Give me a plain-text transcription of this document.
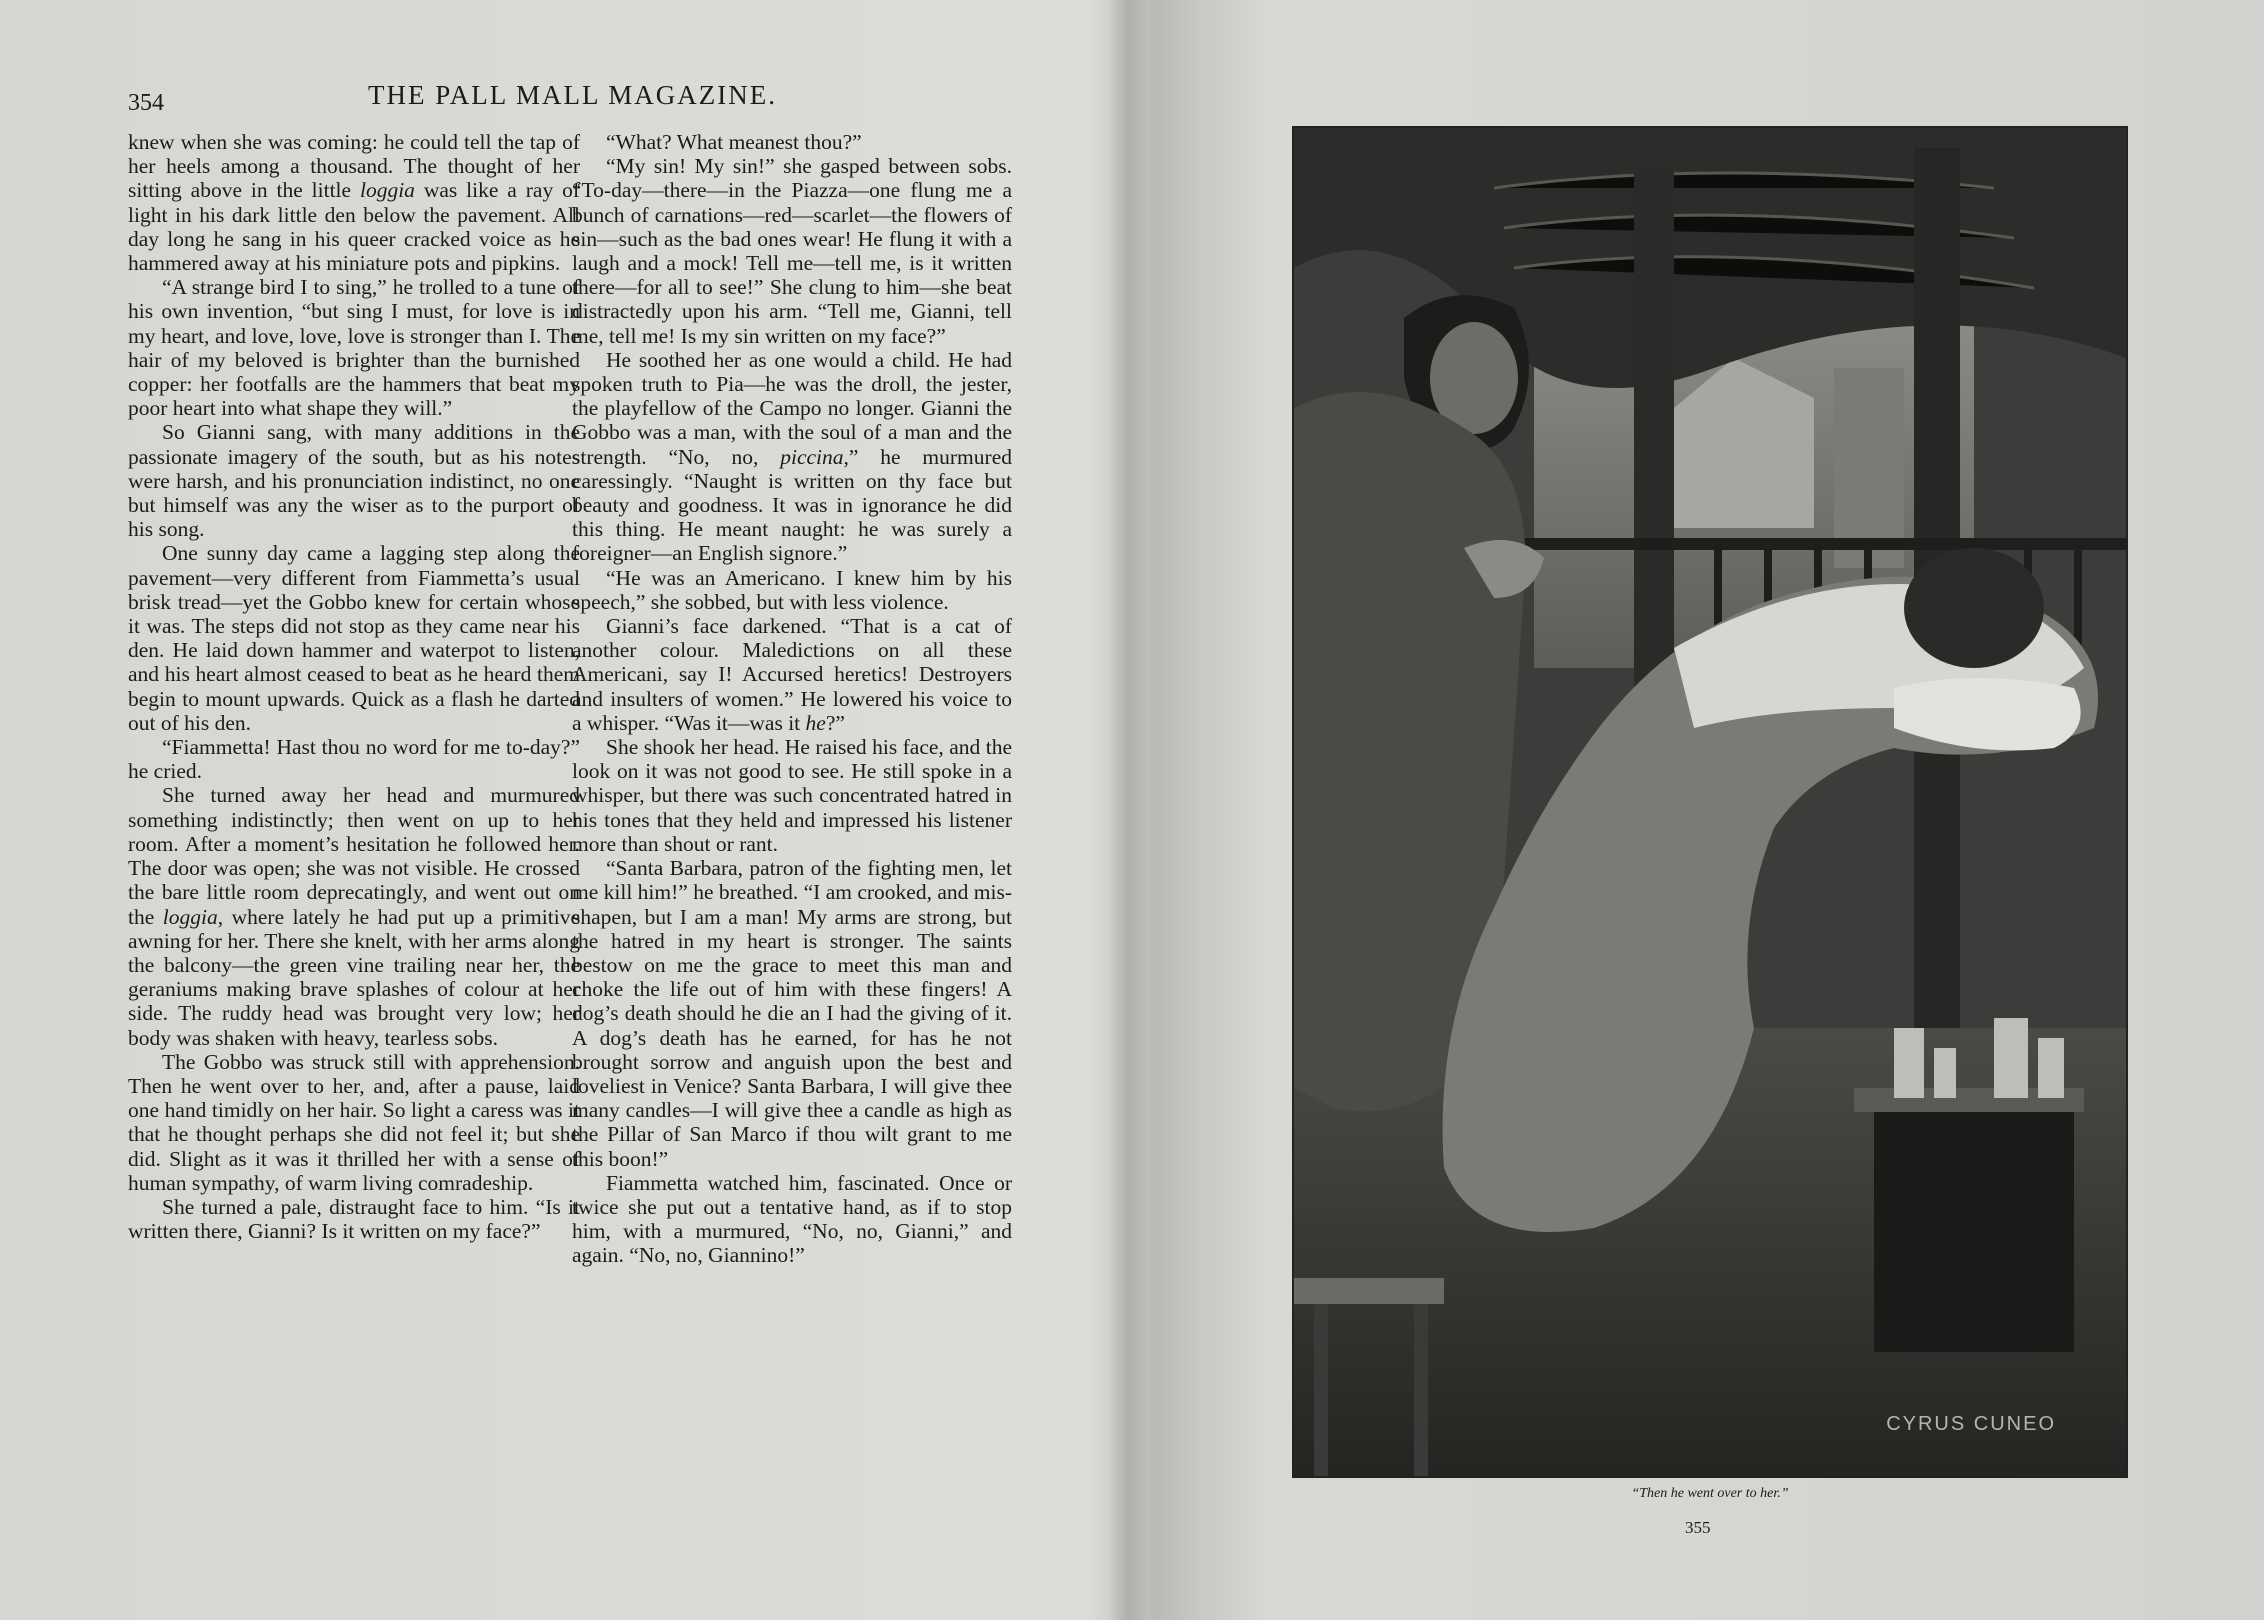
354	THE PALL MALL MAGAZINE.

knew when she was coming: he could tell the tap of her heels among a thousand. The thought of her sitting above in the little loggia was like a ray of light in his dark little den below the pavement. All day long he sang in his queer cracked voice as he hammered away at his miniature pots and pipkins.

“A strange bird I to sing,” he trolled to a tune of his own invention, “but sing I must, for love is in my heart, and love, love, love is stronger than I. The hair of my beloved is brighter than the burnished copper: her footfalls are the hammers that beat my poor heart into what shape they will.”

So Gianni sang, with many additions in the passionate imagery of the south, but as his notes were harsh, and his pronunciation indistinct, no one but himself was any the wiser as to the purport of his song.

One sunny day came a lagging step along the pavement—very different from Fiammetta’s usual brisk tread—yet the Gobbo knew for certain whose it was. The steps did not stop as they came near his den. He laid down hammer and waterpot to listen, and his heart almost ceased to beat as he heard them begin to mount upwards. Quick as a flash he darted out of his den.

“Fiammetta! Hast thou no word for me to-day?” he cried.

She turned away her head and murmured something indistinctly; then went on up to her room. After a moment’s hesitation he followed her. The door was open; she was not visible. He crossed the bare little room deprecatingly, and went out on the loggia, where lately he had put up a primitive awning for her. There she knelt, with her arms along the balcony—the green vine trailing near her, the geraniums making brave splashes of colour at her side. The ruddy head was brought very low; her body was shaken with heavy, tearless sobs.

The Gobbo was struck still with apprehension. Then he went over to her, and, after a pause, laid one hand timidly on her hair. So light a caress was it that he thought perhaps she did not feel it; but she did. Slight as it was it thrilled her with a sense of human sympathy, of warm living comradeship.

She turned a pale, distraught face to him. “Is it written there, Gianni? Is it written on my face?”

“What? What meanest thou?”

“My sin! My sin!” she gasped between sobs. “To-day—there—in the Piazza—one flung me a bunch of carnations—red—scarlet—the flowers of sin—such as the bad ones wear! He flung it with a laugh and a mock! Tell me—tell me, is it written there—for all to see!” She clung to him—she beat distractedly upon his arm. “Tell me, Gianni, tell me, tell me! Is my sin written on my face?”

He soothed her as one would a child. He had spoken truth to Pia—he was the droll, the jester, the playfellow of the Campo no longer. Gianni the Gobbo was a man, with the soul of a man and the strength. “No, no, piccina,” he murmured caressingly. “Naught is written on thy face but beauty and goodness. It was in ignorance he did this thing. He meant naught: he was surely a foreigner—an English signore.”

“He was an Americano. I knew him by his speech,” she sobbed, but with less violence.

Gianni’s face darkened. “That is a cat of another colour. Maledictions on all these Americani, say I! Accursed heretics! Destroyers and insulters of women.” He lowered his voice to a whisper. “Was it—was it he?”

She shook her head. He raised his face, and the look on it was not good to see. He still spoke in a whisper, but there was such concentrated hatred in his tones that they held and impressed his listener more than shout or rant.

“Santa Barbara, patron of the fighting men, let me kill him!” he breathed. “I am crooked, and mis-shapen, but I am a man! My arms are strong, but the hatred in my heart is stronger. The saints bestow on me the grace to meet this man and choke the life out of him with these fingers! A dog’s death should he die an I had the giving of it. A dog’s death has he earned, for has he not brought sorrow and anguish upon the best and loveliest in Venice? Santa Barbara, I will give thee many candles—I will give thee a candle as high as the Pillar of San Marco if thou wilt grant to me this boon!”

Fiammetta watched him, fascinated. Once or twice she put out a tentative hand, as if to stop him, with a murmured, “No, no, Gianni,” and again. “No, no, Giannino!”

CYRUS CUNEO
“Then he went over to her.”
355
